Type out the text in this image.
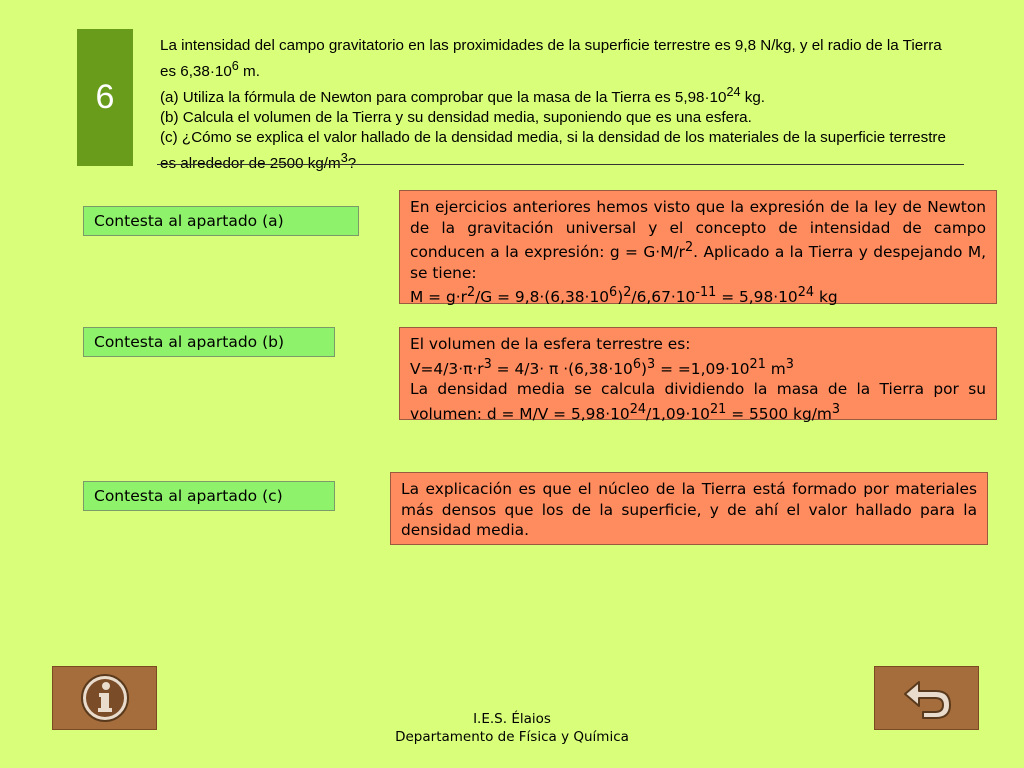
6

La intensidad del campo gravitatorio en las proximidades de la superficie terrestre es 9,8 N/kg, y el radio de la Tierra es $6,38\cdot 10^6$ m.

(a) Utiliza la fórmula de Newton para comprobar que la masa de la Tierra es $5,98\cdot 10^{24}$ kg.

(b) Calcula el volumen de la Tierra y su densidad media, suponiendo que es una esfera.

(c) ¿Cómo se explica el valor hallado de la densidad media, si la densidad de los materiales de la superficie terrestre es alrededor de 2500 $kg/m^3$?

Contesta al apartado (a)

En ejercicios anteriores hemos visto que la expresión de la ley de Newton de la gravitación universal y el concepto de intensidad de campo conducen a la expresión: $g = G\cdot M/r^2$. Aplicado a la Tierra y despejando M, se tiene:

$M = g\cdot r^2/G = 9,8\cdot(6,38\cdot 10^6)^2/6,67\cdot 10^{-11} = 5,98\cdot 10^{24}$ kg

Contesta al apartado (b)	El volumen de la esfera terrestre es:

$V=4/3\cdot\pi\cdot r^3 = 4/3\cdot \pi \cdot(6,38\cdot 10^6)^3 = =1,09\cdot 10^{21}$ $m^3$

La densidad media se calcula dividiendo la masa de la Tierra por su volumen: $d = M/V = 5,98\cdot 10^{24}/1,09\cdot 10^{21} = 5500$ $kg/m^3$

Contesta al apartado (c)	La explicación es que el núcleo de la Tierra está formado por materiales más densos que los de la superficie, y de ahí el valor hallado para la densidad media.

I.E.S. Élaios
Departamento de Física y Química
